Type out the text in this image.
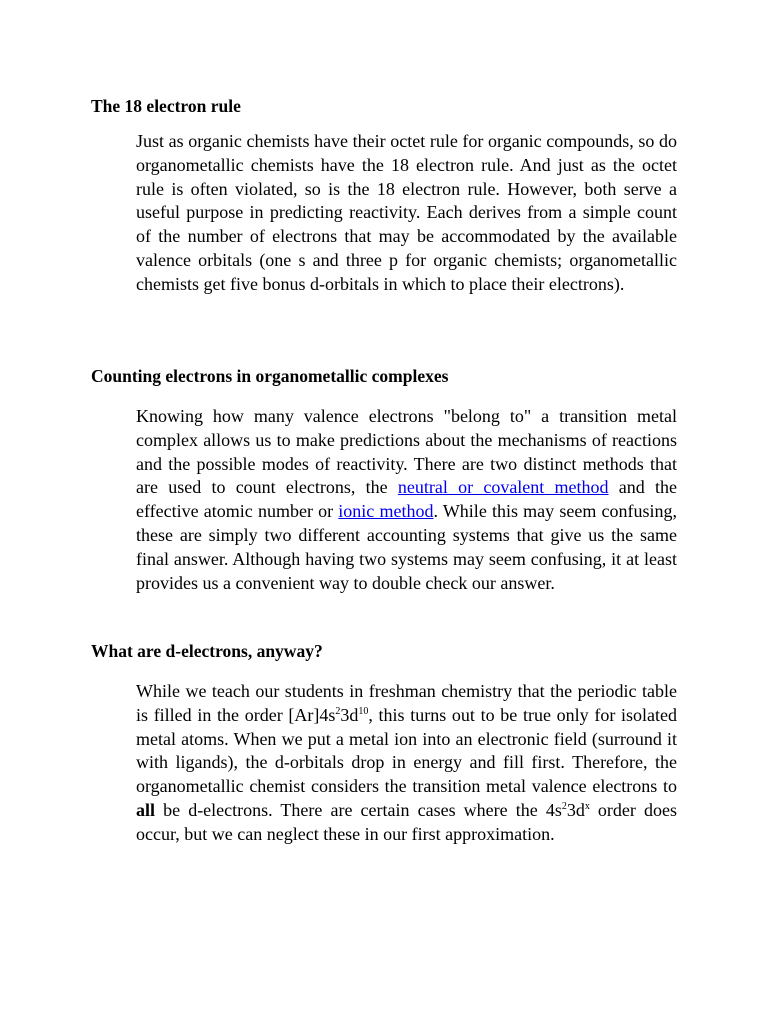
The 18 electron rule

Just as organic chemists have their octet rule for organic compounds, so do organometallic chemists have the 18 electron rule. And just as the octet rule is often violated, so is the 18 electron rule. However, both serve a useful purpose in predicting reactivity. Each derives from a simple count of the number of electrons that may be accommodated by the available valence orbitals (one s and three p for organic chemists; organometallic chemists get five bonus d-orbitals in which to place their electrons).

Counting electrons in organometallic complexes

Knowing how many valence electrons "belong to" a transition metal complex allows us to make predictions about the mechanisms of reactions and the possible modes of reactivity. There are two distinct methods that are used to count electrons, the neutral or covalent method and the effective atomic number or ionic method. While this may seem confusing, these are simply two different accounting systems that give us the same final answer. Although having two systems may seem confusing, it at least provides us a convenient way to double check our answer.

What are d-electrons, anyway?

While we teach our students in freshman chemistry that the periodic table is filled in the order $[Ar]4s^23d^{10}$, this turns out to be true only for isolated metal atoms. When we put a metal ion into an electronic field (surround it with ligands), the d-orbitals drop in energy and fill first. Therefore, the organometallic chemist considers the transition metal valence electrons to all be d-electrons. There are certain cases where the $4s^23d^x$ order does occur, but we can neglect these in our first approximation.
